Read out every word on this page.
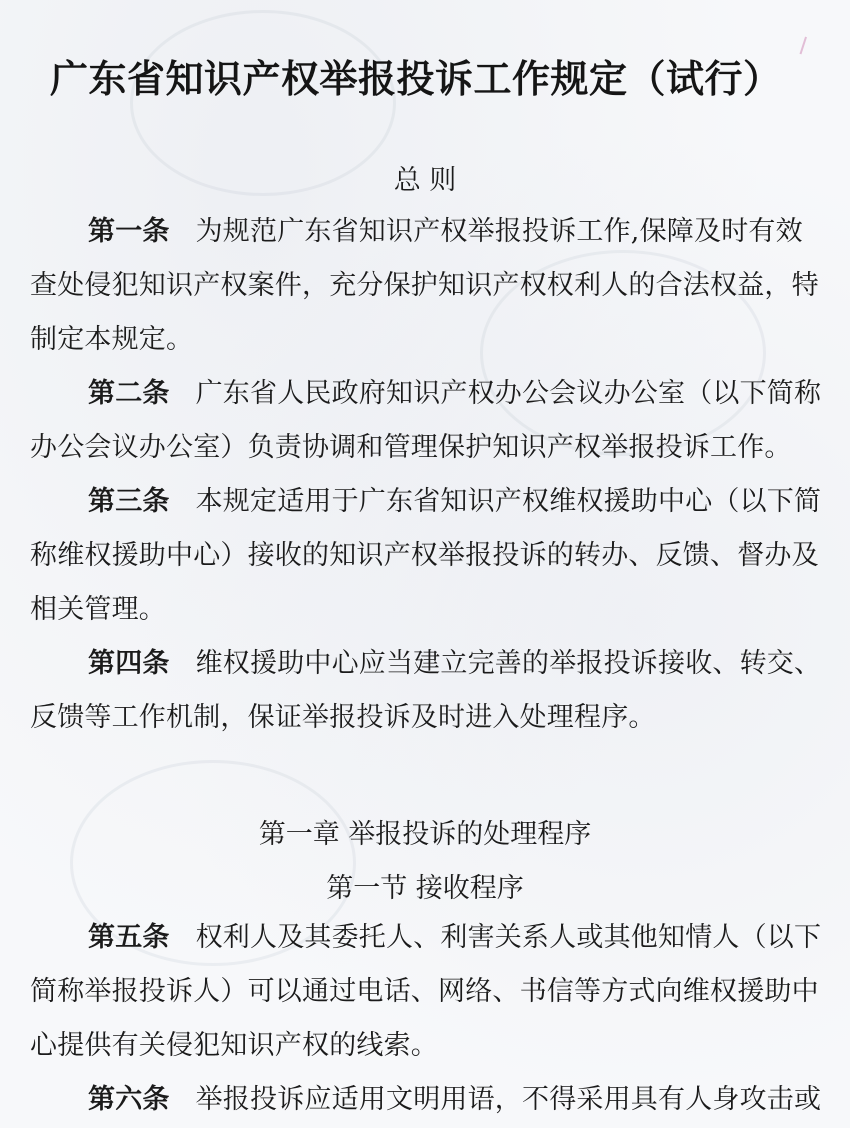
广东省知识产权举报投诉工作规定（试行）
总 则
第一条 为规范广东省知识产权举报投诉工作,保障及时有效
查处侵犯知识产权案件，充分保护知识产权权利人的合法权益，特
制定本规定。
第二条 广东省人民政府知识产权办公会议办公室（以下简称
办公会议办公室）负责协调和管理保护知识产权举报投诉工作。
第三条 本规定适用于广东省知识产权维权援助中心（以下简
称维权援助中心）接收的知识产权举报投诉的转办、反馈、督办及
相关管理。
第四条 维权援助中心应当建立完善的举报投诉接收、转交、
反馈等工作机制，保证举报投诉及时进入处理程序。
第一章 举报投诉的处理程序
第一节 接收程序
第五条 权利人及其委托人、利害关系人或其他知情人（以下
简称举报投诉人）可以通过电话、网络、书信等方式向维权援助中
心提供有关侵犯知识产权的线索。
第六条 举报投诉应适用文明用语，不得采用具有人身攻击或
